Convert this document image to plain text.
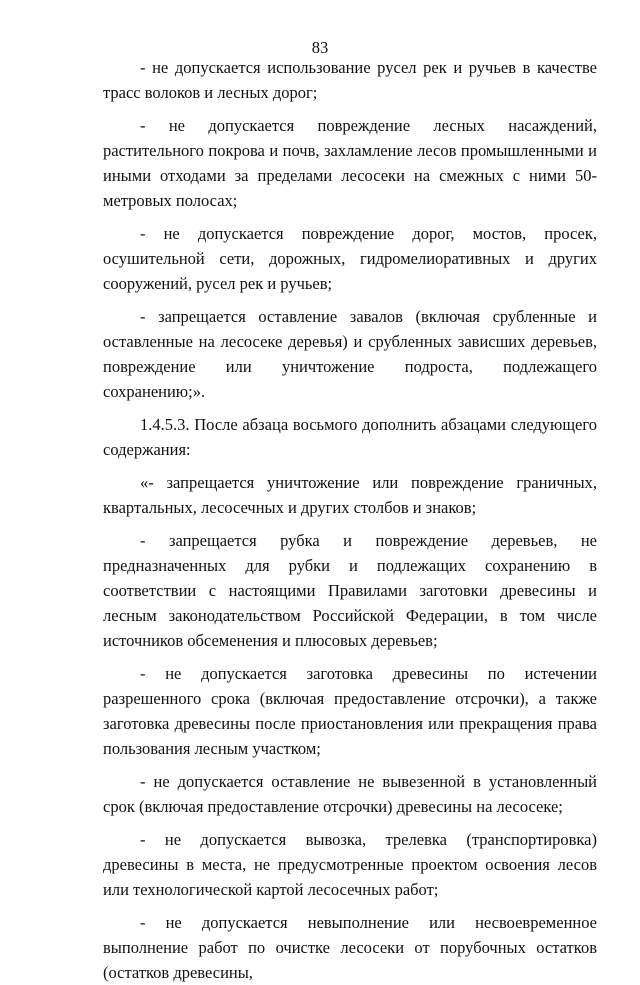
83

- не допускается использование русел рек и ручьев в качестве трасс волоков и лесных дорог;

- не допускается повреждение лесных насаждений, растительного покрова и почв, захламление лесов промышленными и иными отходами за пределами лесосеки на смежных с ними 50-метровых полосах;

- не допускается повреждение дорог, мостов, просек, осушительной сети, дорожных, гидромелиоративных и других сооружений, русел рек и ручьев;

- запрещается оставление завалов (включая срубленные и оставленные на лесосеке деревья) и срубленных зависших деревьев, повреждение или уничтожение подроста, подлежащего сохранению;».

1.4.5.3. После абзаца восьмого дополнить абзацами следующего содержания:

«- запрещается уничтожение или повреждение граничных, квартальных, лесосечных и других столбов и знаков;

- запрещается рубка и повреждение деревьев, не предназначенных для рубки и подлежащих сохранению в соответствии с настоящими Правилами заготовки древесины и лесным законодательством Российской Федерации, в том числе источников обсеменения и плюсовых деревьев;

- не допускается заготовка древесины по истечении разрешенного срока (включая предоставление отсрочки), а также заготовка древесины после приостановления или прекращения права пользования лесным участком;

- не допускается оставление не вывезенной в установленный срок (включая предоставление отсрочки) древесины на лесосеке;

- не допускается вывозка, трелевка (транспортировка) древесины в места, не предусмотренные проектом освоения лесов или технологической картой лесосечных работ;

- не допускается невыполнение или несвоевременное выполнение работ по очистке лесосеки от порубочных остатков (остатков древесины,
